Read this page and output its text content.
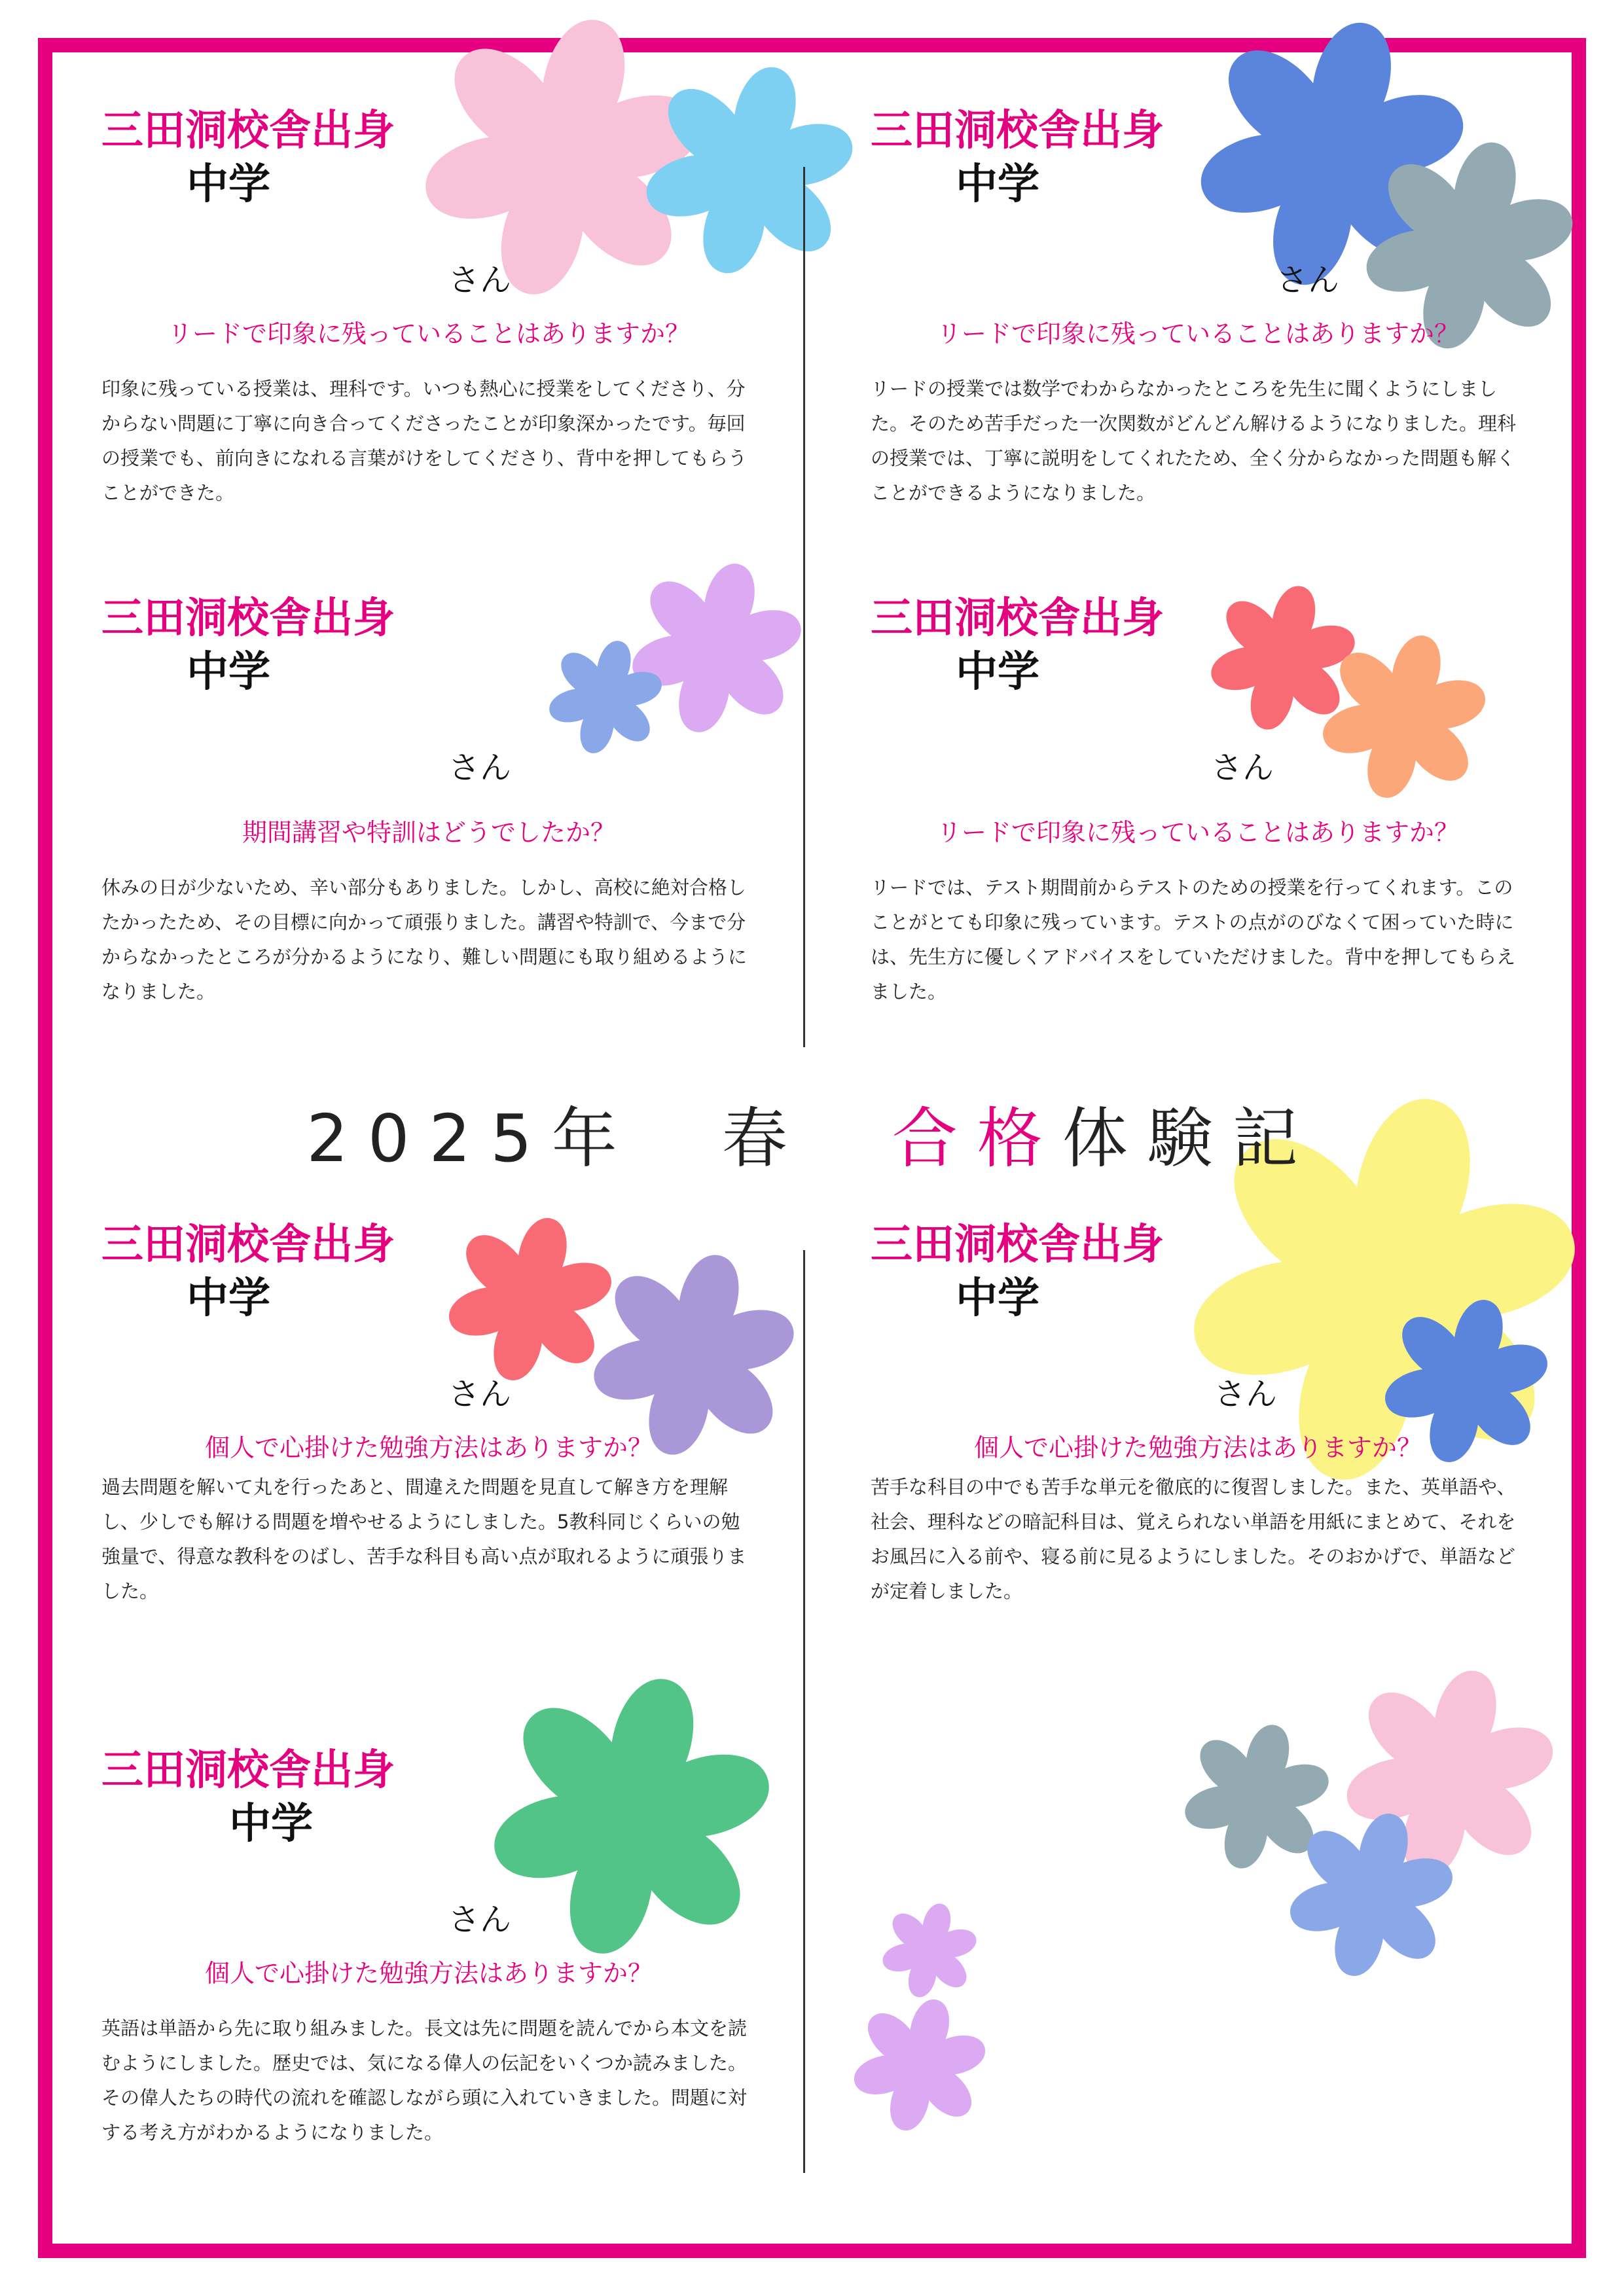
2025年　春　合格体験記
三田洞校舎出身
中学
さん
リードで印象に残っていることはありますか？
印象に残っている授業は、理科です。いつも熱心に授業をしてくださり、分からない問題に丁寧に向き合ってくださったことが印象深かったです。毎回の授業でも、前向きになれる言葉がけをしてくださり、背中を押してもらうことができた。
三田洞校舎出身
中学
さん
リードで印象に残っていることはありますか？
リードの授業では数学でわからなかったところを先生に聞くようにしました。そのため苦手だった一次関数がどんどん解けるようになりました。理科の授業では、丁寧に説明をしてくれたため、全く分からなかった問題も解くことができるようになりました。
三田洞校舎出身
中学
さん
期間講習や特訓はどうでしたか？
休みの日が少ないため、辛い部分もありました。しかし、高校に絶対合格したかったため、その目標に向かって頑張りました。講習や特訓で、今まで分からなかったところが分かるようになり、難しい問題にも取り組めるようになりました。
三田洞校舎出身
中学
さん
リードで印象に残っていることはありますか？
リードでは、テスト期間前からテストのための授業を行ってくれます。このことがとても印象に残っています。テストの点がのびなくて困っていた時には、先生方に優しくアドバイスをしていただけました。背中を押してもらえました。
三田洞校舎出身
中学
さん
個人で心掛けた勉強方法はありますか？
過去問題を解いて丸を行ったあと、間違えた問題を見直して解き方を理解し、少しでも解ける問題を増やせるようにしました。5教科同じくらいの勉強量で、得意な教科をのばし、苦手な科目も高い点が取れるように頑張りました。
三田洞校舎出身
中学
さん
個人で心掛けた勉強方法はありますか？
苦手な科目の中でも苦手な単元を徹底的に復習しました。また、英単語や、社会、理科などの暗記科目は、覚えられない単語を用紙にまとめて、それをお風呂に入る前や、寝る前に見るようにしました。そのおかげで、単語などが定着しました。
三田洞校舎出身
中学
さん
個人で心掛けた勉強方法はありますか？
英語は単語から先に取り組みました。長文は先に問題を読んでから本文を読むようにしました。歴史では、気になる偉人の伝記をいくつか読みました。その偉人たちの時代の流れを確認しながら頭に入れていきました。問題に対する考え方がわかるようになりました。
